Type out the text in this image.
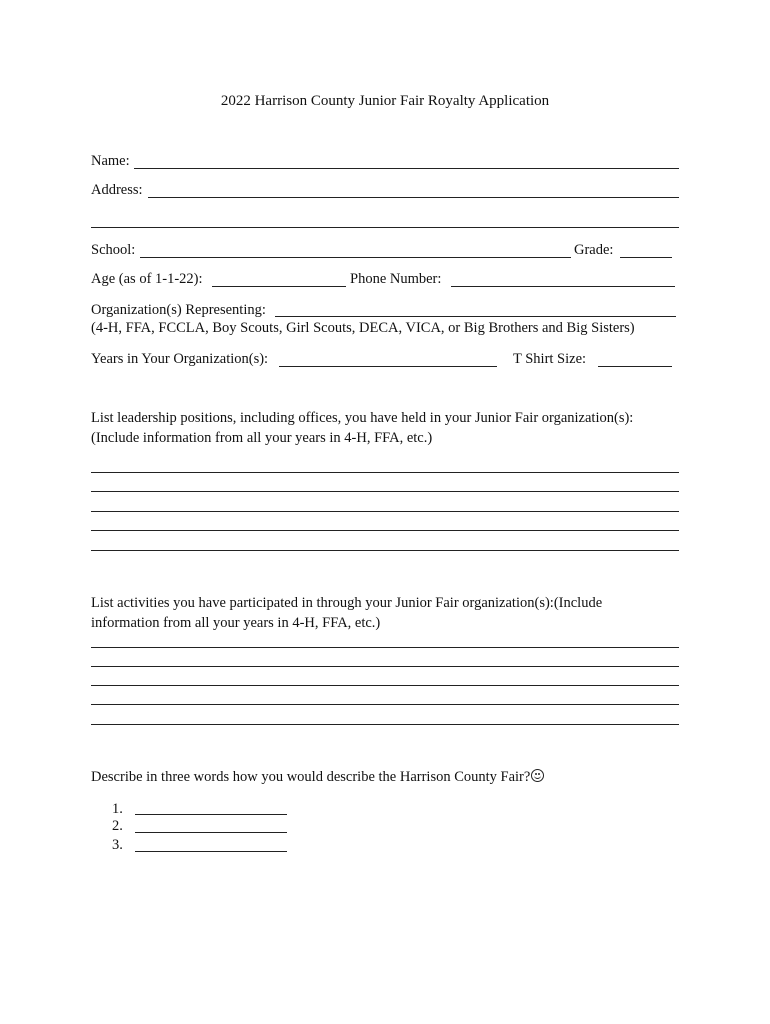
2022 Harrison County Junior Fair Royalty Application
Name:
Address:
School:	Grade:
Age (as of 1-1-22):	Phone Number:
Organization(s) Representing:
(4-H, FFA, FCCLA, Boy Scouts, Girl Scouts, DECA, VICA, or Big Brothers and Big Sisters)
Years in Your Organization(s):	T Shirt Size:
List leadership positions, including offices, you have held in your Junior Fair organization(s):
(Include information from all your years in 4-H, FFA, etc.)
List activities you have participated in through your Junior Fair organization(s):(Include
information from all your years in 4-H, FFA, etc.)
Describe in three words how you would describe the Harrison County Fair?
1.
2.
3.
